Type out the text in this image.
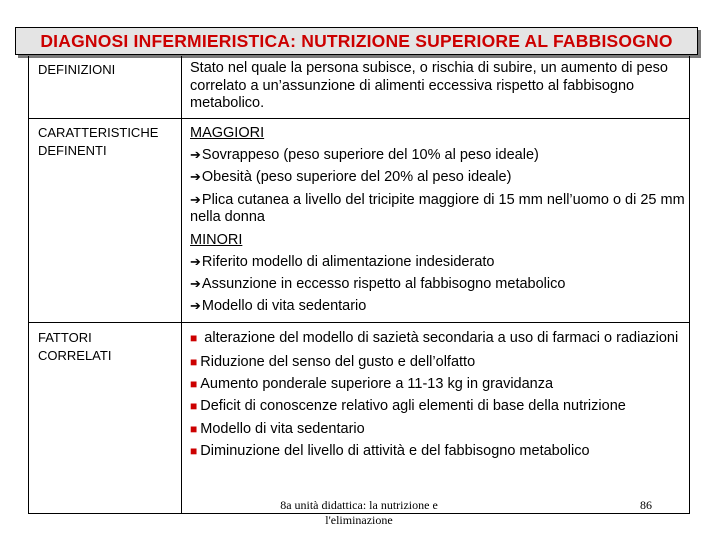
DIAGNOSI INFERMIERISTICA: NUTRIZIONE SUPERIORE AL FABBISOGNO
DEFINIZIONI	Stato nel quale la persona subisce, o rischia di subire, un aumento di peso correlato a un’assunzione di alimenti eccessiva rispetto al fabbisogno metabolico.
CARATTERISTICHE
DEFINENTI

MAGGIORI

➔Sovrappeso (peso superiore del 10% al peso ideale)

➔Obesità (peso superiore del 20% al peso ideale)

➔Plica cutanea a livello del tricipite maggiore di 15 mm nell’uomo o di 25 mm nella donna

MINORI

➔Riferito modello di alimentazione indesiderato

➔Assunzione in eccesso rispetto al fabbisogno metabolico

➔Modello di vita sedentario

FATTORI
CORRELATI

■ alterazione del modello di sazietà secondaria a uso di farmaci o radiazioni

■ Riduzione del senso del gusto e dell’olfatto

■ Aumento ponderale superiore a 11-13 kg in gravidanza

■ Deficit di conoscenze relativo agli elementi di base della nutrizione

■ Modello di vita sedentario

■ Diminuzione del livello di attività e del fabbisogno metabolico

8a unità didattica: la nutrizione e
l'eliminazione
86
